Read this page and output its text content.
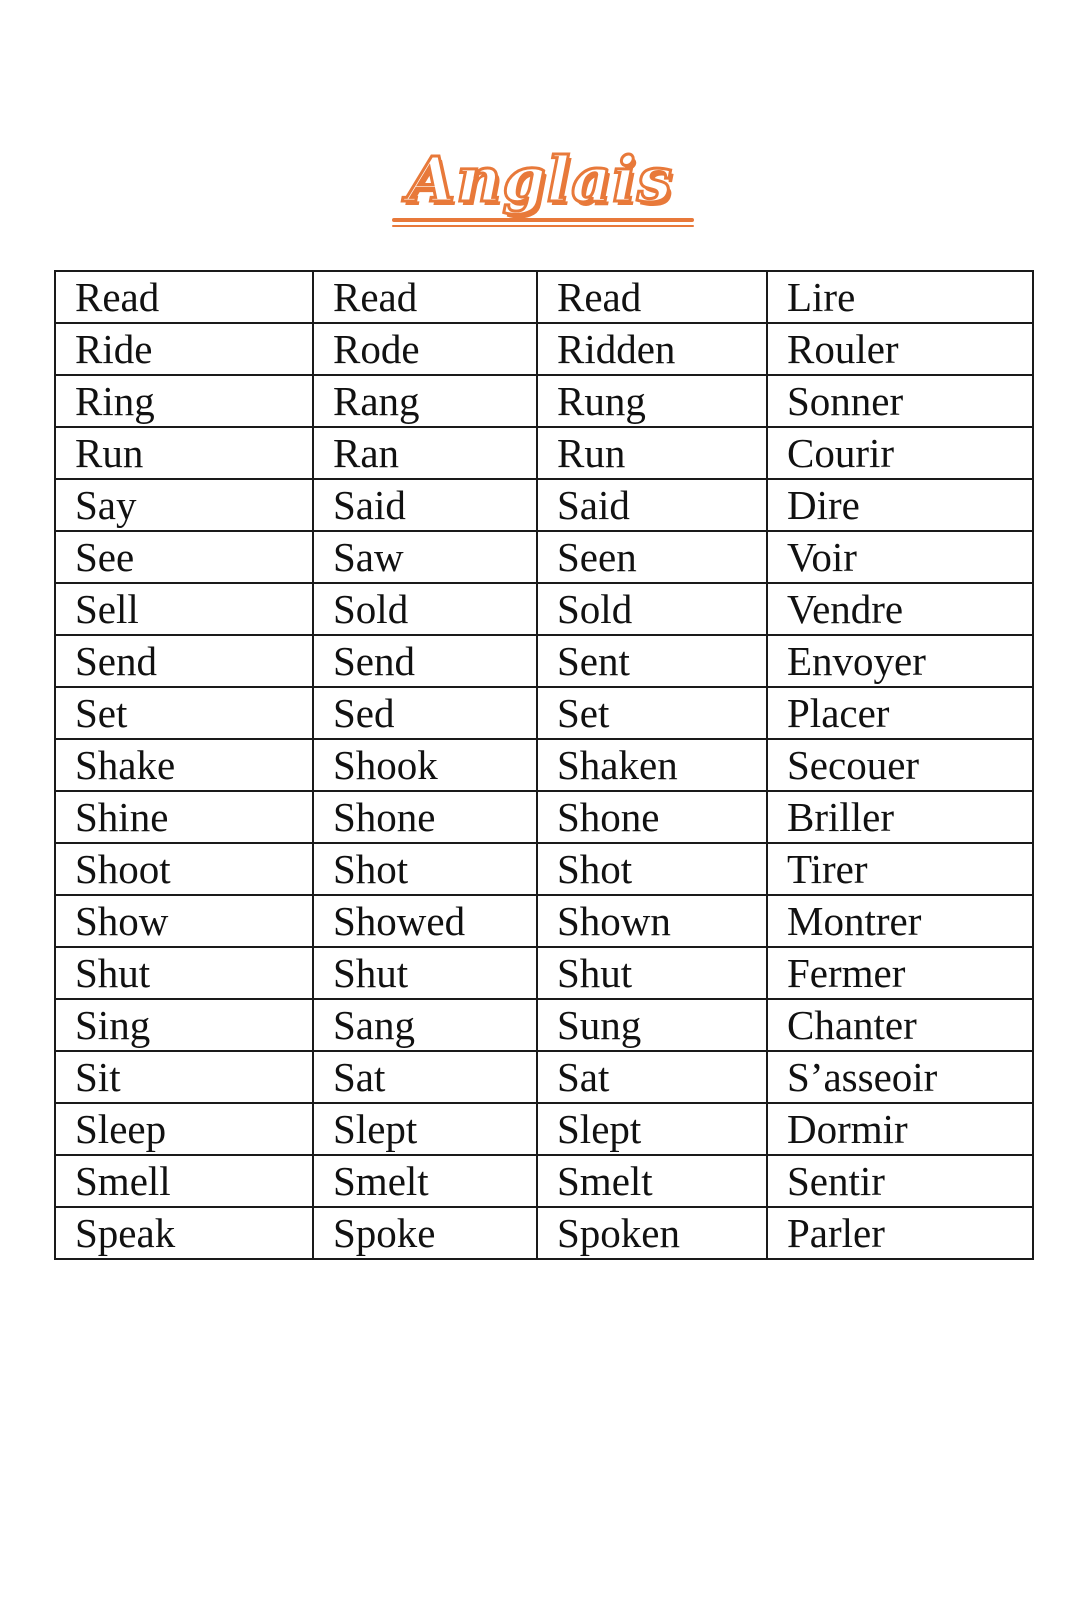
Anglais
Read	Read	Read	Lire
Ride	Rode	Ridden	Rouler
Ring	Rang	Rung	Sonner
Run	Ran	Run	Courir
Say	Said	Said	Dire
See	Saw	Seen	Voir
Sell	Sold	Sold	Vendre
Send	Send	Sent	Envoyer
Set	Sed	Set	Placer
Shake	Shook	Shaken	Secouer
Shine	Shone	Shone	Briller
Shoot	Shot	Shot	Tirer
Show	Showed	Shown	Montrer
Shut	Shut	Shut	Fermer
Sing	Sang	Sung	Chanter
Sit	Sat	Sat	S’asseoir
Sleep	Slept	Slept	Dormir
Smell	Smelt	Smelt	Sentir
Speak	Spoke	Spoken	Parler
